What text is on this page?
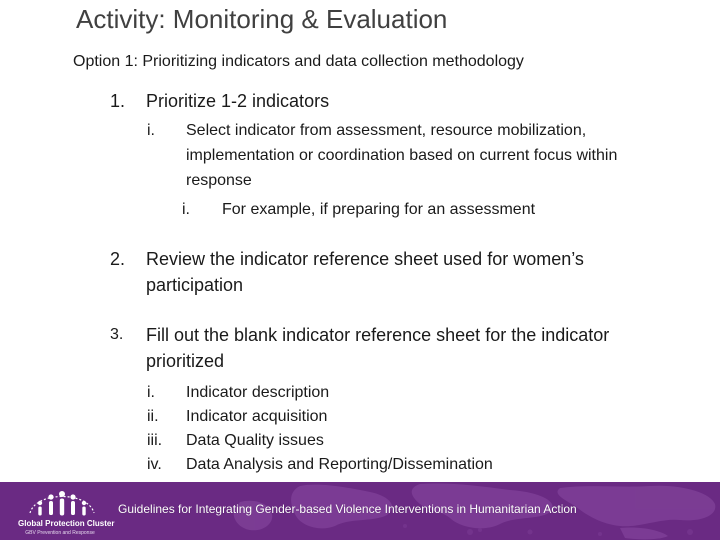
Activity: Monitoring & Evaluation
Option 1: Prioritizing indicators and data collection methodology
1. Prioritize 1-2 indicators
i. Select indicator from assessment, resource mobilization,
implementation or coordination based on current focus within
response
i. For example, if preparing for an assessment
2. Review the indicator reference sheet used for women’s
participation
3. Fill out the blank indicator reference sheet for the indicator
prioritized
i. Indicator description
ii. Indicator acquisition
iii. Data Quality issues
iv. Data Analysis and Reporting/Dissemination
Global Protection Cluster
GBV Prevention and Response
Guidelines for Integrating Gender-based Violence Interventions in Humanitarian Action
